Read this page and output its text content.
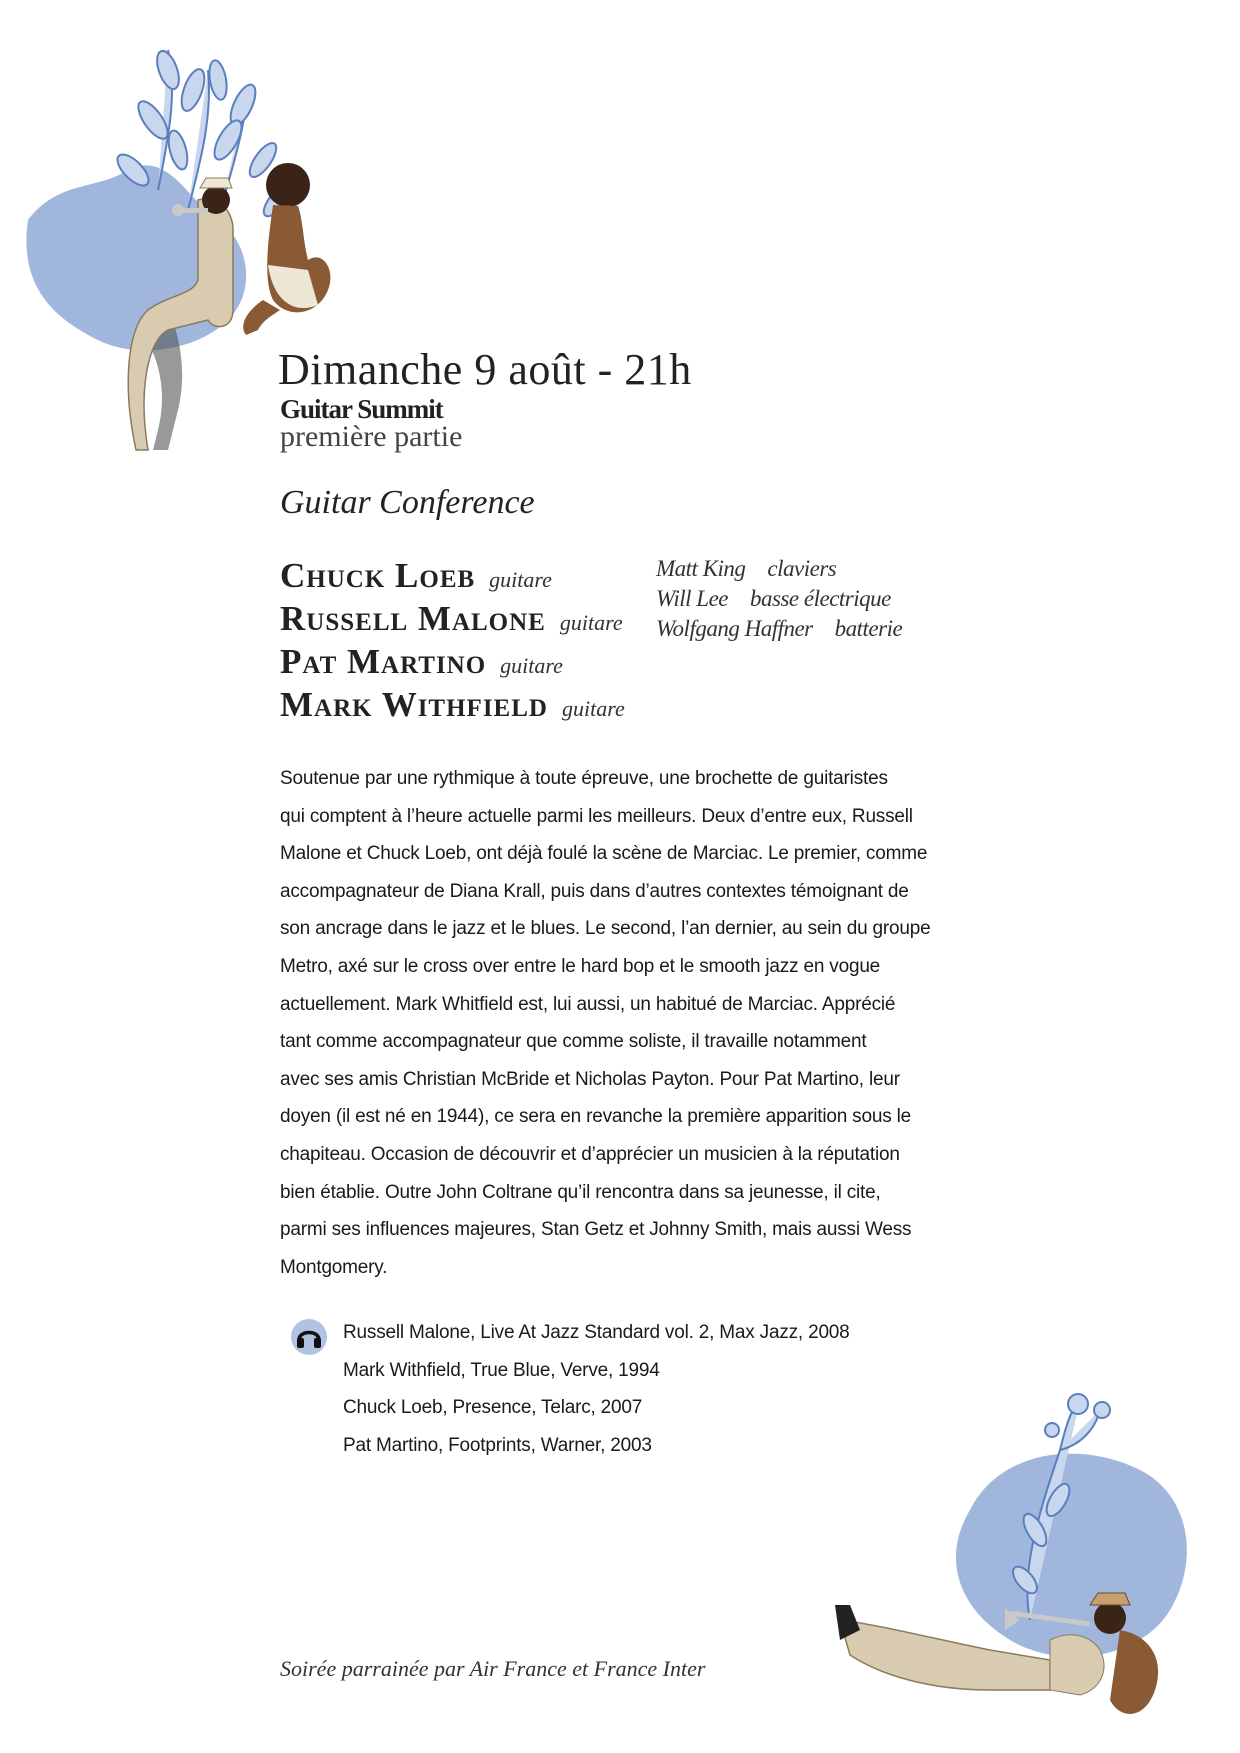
Dimanche 9 août - 21h
Guitar Summit
première partie
Guitar Conference
Chuck Loeb guitare
Russell Malone guitare
Pat Martino guitare
Mark Withfield guitare
Matt King claviers
Will Lee basse électrique
Wolfgang Haffner batterie
Soutenue par une rythmique à toute épreuve, une brochette de guitaristes
qui comptent à l’heure actuelle parmi les meilleurs. Deux d’entre eux, Russell
Malone et Chuck Loeb, ont déjà foulé la scène de Marciac. Le premier, comme
accompagnateur de Diana Krall, puis dans d’autres contextes témoignant de
son ancrage dans le jazz et le blues. Le second, l’an dernier, au sein du groupe
Metro, axé sur le cross over entre le hard bop et le smooth jazz en vogue
actuellement. Mark Whitfield est, lui aussi, un habitué de Marciac. Apprécié
tant comme accompagnateur que comme soliste, il travaille notamment
avec ses amis Christian McBride et Nicholas Payton. Pour Pat Martino, leur
doyen (il est né en 1944), ce sera en revanche la première apparition sous le
chapiteau. Occasion de découvrir et d’apprécier un musicien à la réputation
bien établie. Outre John Coltrane qu’il rencontra dans sa jeunesse, il cite,
parmi ses influences majeures, Stan Getz et Johnny Smith, mais aussi Wess
Montgomery.
Russell Malone, Live At Jazz Standard vol. 2, Max Jazz, 2008
Mark Withfield, True Blue, Verve, 1994
Chuck Loeb, Presence, Telarc, 2007
Pat Martino, Footprints, Warner, 2003
Soirée parrainée par Air France et France Inter
